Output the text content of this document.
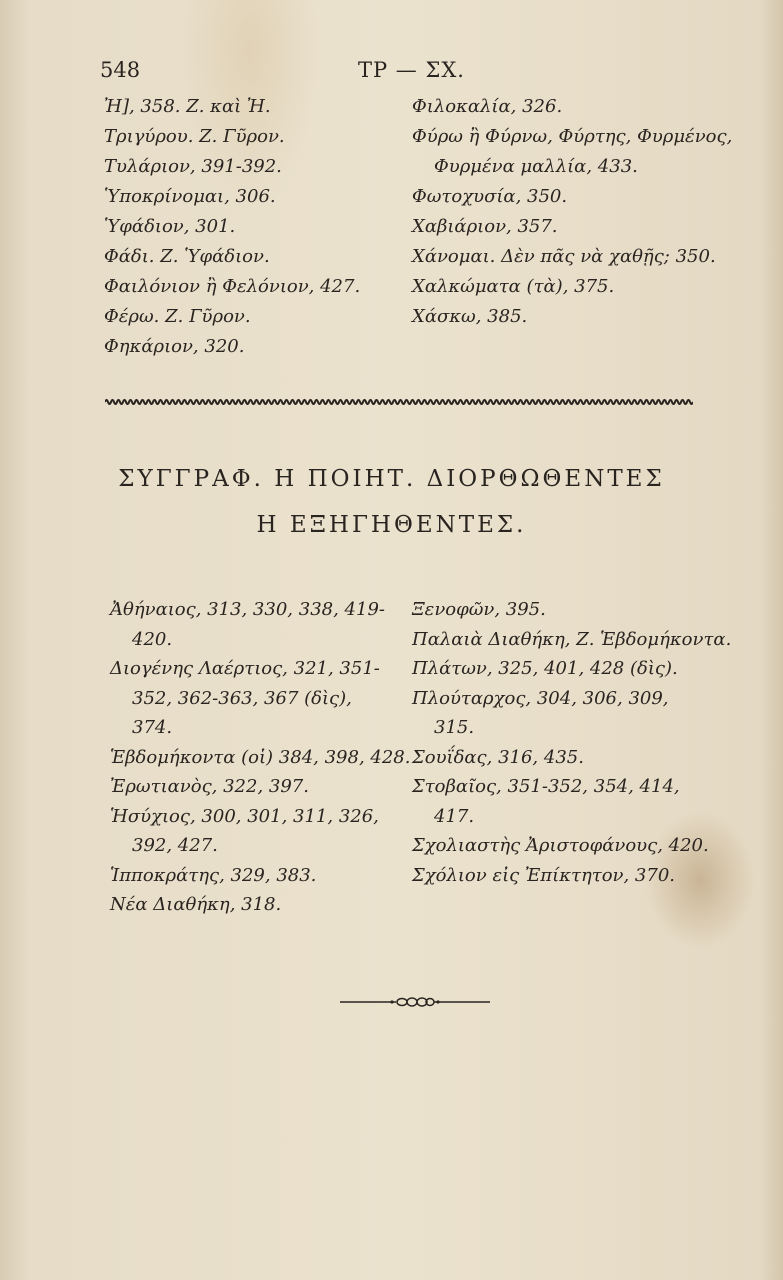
548	ΤΡ — ΣΧ.
Ἠ], 358. Ζ. καὶ Ἠ.
Τριγύρου. Ζ. Γῦρον.
Τυλάριον, 391-392.
Ὑποκρίνομαι, 306.
Ὑφάδιον, 301.
Φάδι. Ζ. Ὑφάδιον.
Φαιλόνιον ἢ Φελόνιον, 427.
Φέρω. Ζ. Γῦρον.
Φηκάριον, 320.
Φιλοκαλία, 326.
Φύρω ἢ Φύρνω, Φύρτης, Φυρμένος,
Φυρμένα μαλλία, 433.
Φωτοχυσία, 350.
Χαβιάριον, 357.
Χάνομαι. Δὲν πᾶς νὰ χαθῇς; 350.
Χαλκώματα (τὰ), 375.
Χάσκω, 385.
ΣΥΓΓΡΑΦ. Η ΠΟΙΗΤ. ΔΙΟΡΘΩΘΕΝΤΕΣ
Η ΕΞΗΓΗΘΕΝΤΕΣ.
Ἀθήναιος, 313, 330, 338, 419-
420.
Διογένης Λαέρτιος, 321, 351-
352, 362-363, 367 (δὶς),
374.
Ἑβδομήκοντα (οἱ) 384, 398, 428.
Ἐρωτιανὸς, 322, 397.
Ἡσύχιος, 300, 301, 311, 326,
392, 427.
Ἱπποκράτης, 329, 383.
Νέα Διαθήκη, 318.
Ξενοφῶν, 395.
Παλαιὰ Διαθήκη, Ζ. Ἑβδομήκοντα.
Πλάτων, 325, 401, 428 (δὶς).
Πλούταρχος, 304, 306, 309,
315.
Σουΐδας, 316, 435.
Στοβαῖος, 351-352, 354, 414,
417.
Σχολιαστὴς Ἀριστοφάνους, 420.
Σχόλιον εἰς Ἐπίκτητον, 370.
